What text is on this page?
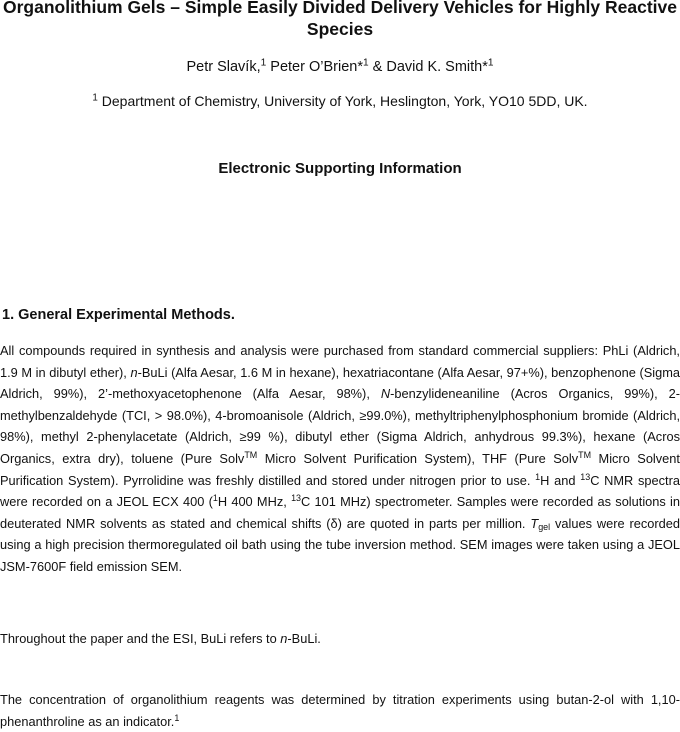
Organolithium Gels – Simple Easily Divided Delivery Vehicles for Highly Reactive Species

Petr Slavík,$^1$ Peter O’Brien*$^1$ & David K. Smith*$^1$

$^1$ Department of Chemistry, University of York, Heslington, York, YO10 5DD, UK.

Electronic Supporting Information
1. General Experimental Methods.

All compounds required in synthesis and analysis were purchased from standard commercial suppliers: PhLi (Aldrich, 1.9 M in dibutyl ether), n-BuLi (Alfa Aesar, 1.6 M in hexane), hexatriacontane (Alfa Aesar, 97+%), benzophenone (Sigma Aldrich, 99%), 2’-methoxyacetophenone (Alfa Aesar, 98%), N-benzylideneaniline (Acros Organics, 99%), 2-methylbenzaldehyde (TCI, > 98.0%), 4-bromoanisole (Aldrich, ≥99.0%), methyltriphenylphosphonium bromide (Aldrich, 98%), methyl 2-phenylacetate (Aldrich, ≥99 %), dibutyl ether (Sigma Aldrich, anhydrous 99.3%), hexane (Acros Organics, extra dry), toluene (Pure Solv™ Micro Solvent Purification System), THF (Pure Solv™ Micro Solvent Purification System). Pyrrolidine was freshly distilled and stored under nitrogen prior to use. $^1$H and $^{13}$C NMR spectra were recorded on a JEOL ECX 400 ($^1$H 400 MHz, $^{13}$C 101 MHz) spectrometer. Samples were recorded as solutions in deuterated NMR solvents as stated and chemical shifts (δ) are quoted in parts per million. $T_{gel}$ values were recorded using a high precision thermoregulated oil bath using the tube inversion method. SEM images were taken using a JEOL JSM-7600F field emission SEM.

Throughout the paper and the ESI, BuLi refers to n-BuLi.

The concentration of organolithium reagents was determined by titration experiments using butan-2-ol with 1,10-phenanthroline as an indicator.$^1$
